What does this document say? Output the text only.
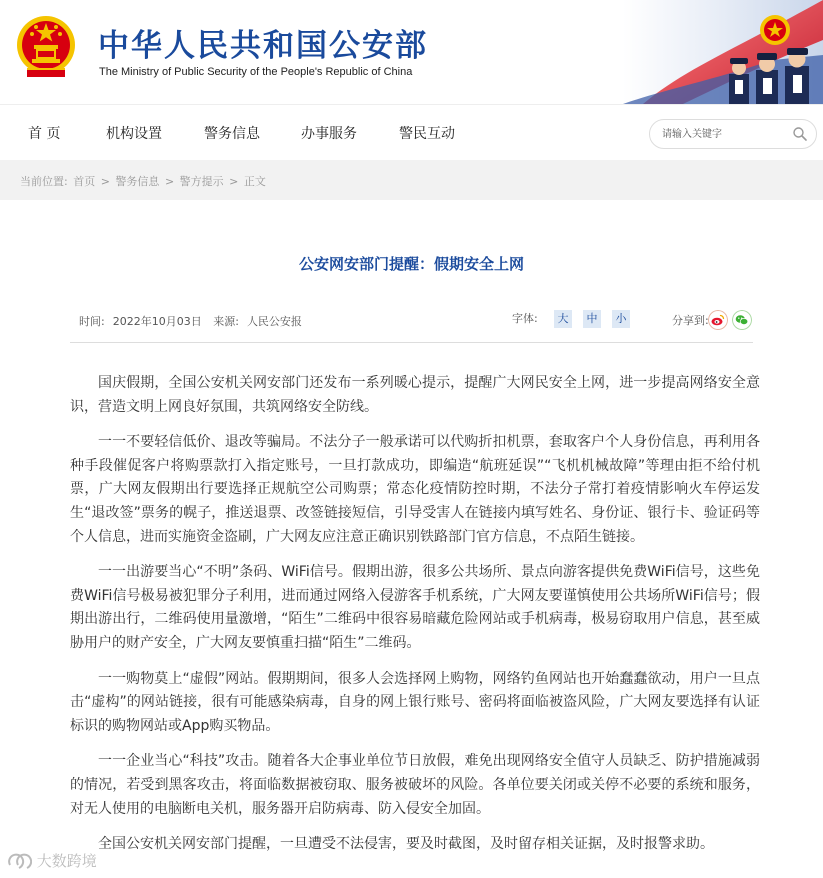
中华人民共和国公安部
The Ministry of Public Security of the People's Republic of China
首 页	机构设置	警务信息	办事服务	警民互动
请输入关键字
当前位置: 首页 > 警务信息 > 警方提示 > 正文
公安网安部门提醒：假期安全上网
时间: 2022年10月03日 来源: 人民公安报	字体:	大	中	小	分享到:

国庆假期，全国公安机关网安部门还发布一系列暖心提示，提醒广大网民安全上网，进一步提高网络安全意识，营造文明上网良好氛围，共筑网络安全防线。

一一不要轻信低价、退改等骗局。不法分子一般承诺可以代购折扣机票，套取客户个人身份信息，再利用各种手段催促客户将购票款打入指定账号，一旦打款成功，即编造“航班延误”“飞机机械故障”等理由拒不给付机票，广大网友假期出行要选择正规航空公司购票；常态化疫情防控时期，不法分子常打着疫情影响火车停运发生“退改签”票务的幌子，推送退票、改签链接短信，引导受害人在链接内填写姓名、身份证、银行卡、验证码等个人信息，进而实施资金盗刷，广大网友应注意正确识别铁路部门官方信息，不点陌生链接。

一一出游要当心“不明”条码、WiFi信号。假期出游，很多公共场所、景点向游客提供免费WiFi信号，这些免费WiFi信号极易被犯罪分子利用，进而通过网络入侵游客手机系统，广大网友要谨慎使用公共场所WiFi信号；假期出游出行，二维码使用量激增，“陌生”二维码中很容易暗藏危险网站或手机病毒，极易窃取用户信息，甚至威胁用户的财产安全，广大网友要慎重扫描“陌生”二维码。

一一购物莫上“虚假”网站。假期期间，很多人会选择网上购物，网络钓鱼网站也开始蠢蠢欲动，用户一旦点击“虚构”的网站链接，很有可能感染病毒，自身的网上银行账号、密码将面临被盗风险，广大网友要选择有认证标识的购物网站或App购买物品。

一一企业当心“科技”攻击。随着各大企事业单位节日放假，难免出现网络安全值守人员缺乏、防护措施减弱的情况，若受到黑客攻击，将面临数据被窃取、服务被破坏的风险。各单位要关闭或关停不必要的系统和服务，对无人使用的电脑断电关机，服务器开启防病毒、防入侵安全加固。

全国公安机关网安部门提醒，一旦遭受不法侵害，要及时截图，及时留存相关证据，及时报警求助。

大数跨境
